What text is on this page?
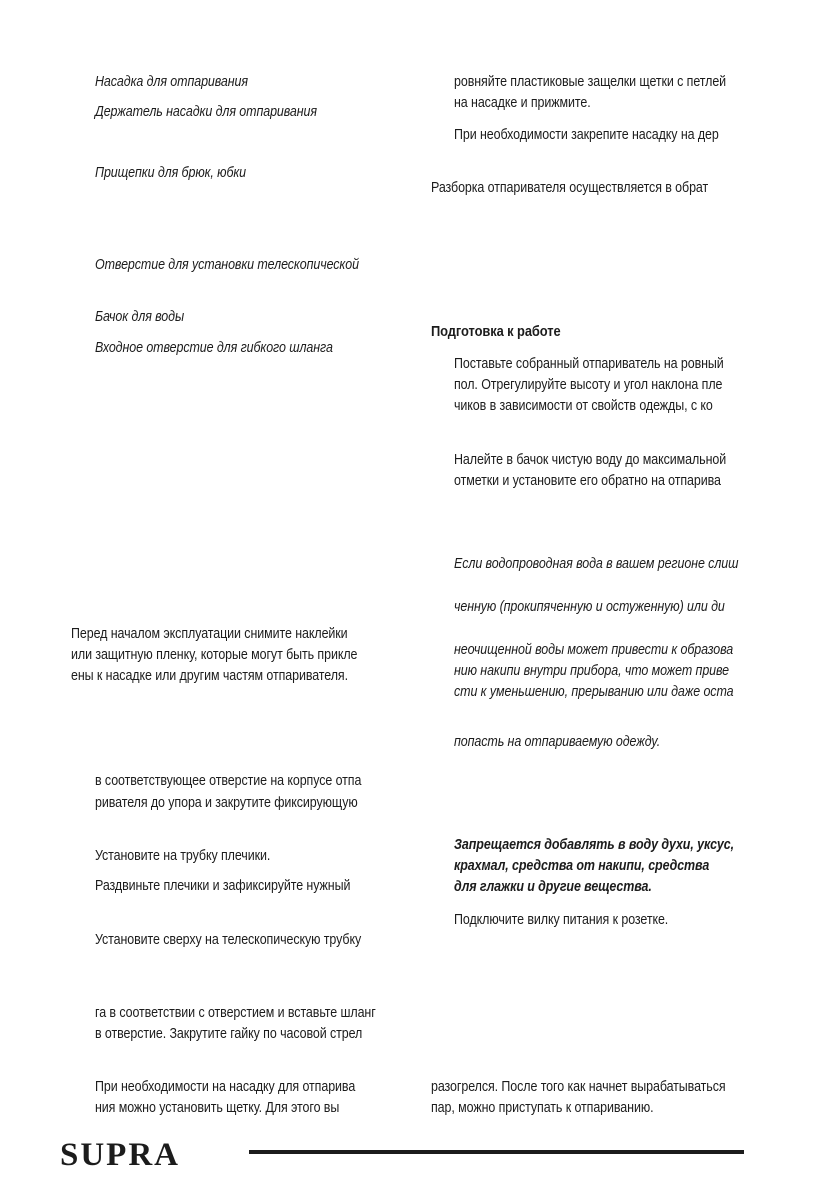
Насадка для отпаривания

Держатель насадки для отпаривания

Прищепки для брюк, юбки

Отверстие для установки телескопической

Бачок для воды

Входное отверстие для гибкого шланга

Перед началом эксплуатации снимите наклейки

или защитную пленку, которые могут быть прикле

ены к насадке или другим частям отпаривателя.

в соответствующее отверстие на корпусе отпа

ривателя до упора и закрутите фиксирующую

Установите на трубку плечики.

Раздвиньте плечики и зафиксируйте нужный

Установите сверху на телескопическую трубку

га в соответствии с отверстием и вставьте шланг

в отверстие. Закрутите гайку по часовой стрел

При необходимости на насадку для отпарива

ния можно установить щетку. Для этого вы

ровняйте пластиковые защелки щетки с петлей

на насадке и прижмите.

При необходимости закрепите насадку на дер

Разборка отпаривателя осуществляется в обрат

Подготовка к работе

Поставьте собранный отпариватель на ровный

пол. Отрегулируйте высоту и угол наклона пле

чиков в зависимости от свойств одежды, с ко

Налейте в бачок чистую воду до максимальной

отметки и установите его обратно на отпарива

Если водопроводная вода в вашем регионе слиш

ченную (прокипяченную и остуженную) или ди

неочищенной воды может привести к образова

нию накипи внутри прибора, что может приве

сти к уменьшению, прерыванию или даже оста

попасть на отпариваемую одежду.

Запрещается добавлять в воду духи, уксус,

крахмал, средства от накипи, средства

для глажки и другие вещества.

Подключите вилку питания к розетке.

разогрелся. После того как начнет вырабатываться

пар, можно приступать к отпариванию.

SUPRA
